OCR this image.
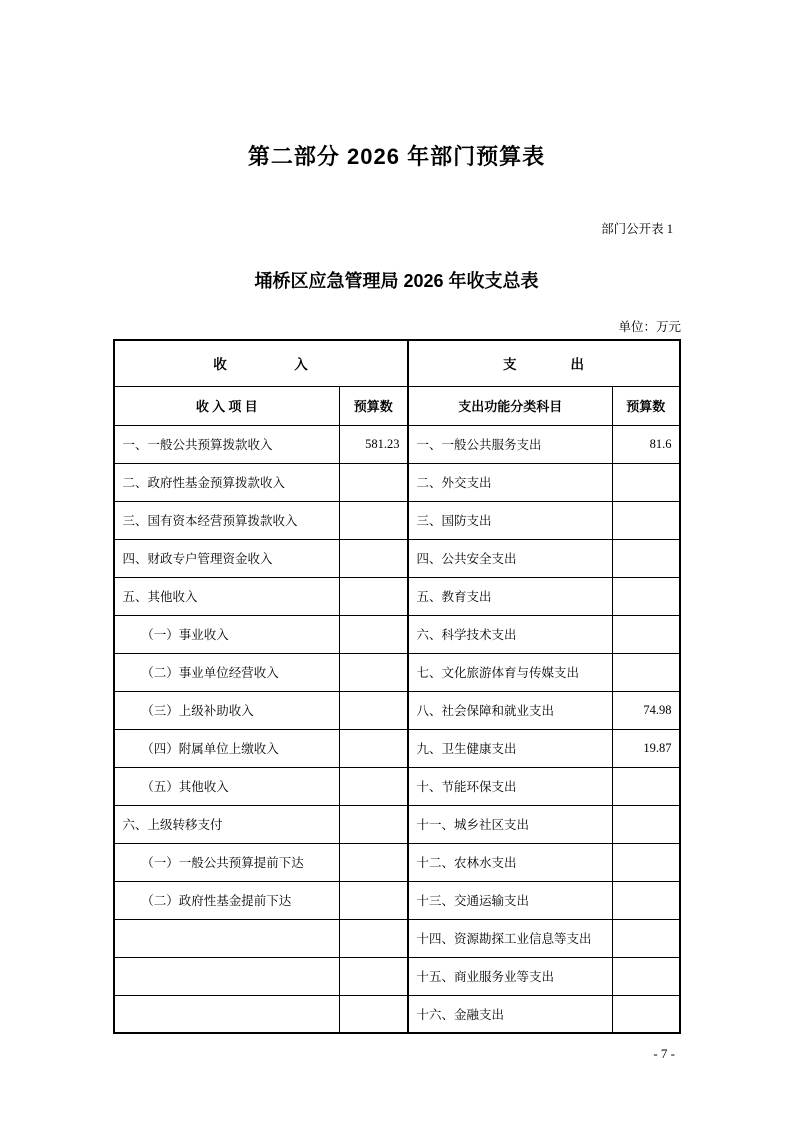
第二部分 2026 年部门预算表
部门公开表 1
埇桥区应急管理局 2026 年收支总表
单位：万元
收　　　　　入		支　　　　出	
收 入 项 目	预算数	支出功能分类科目	预算数
一、一般公共预算拨款收入	581.23	一、一般公共服务支出	81.6
二、政府性基金预算拨款收入		二、外交支出	
三、国有资本经营预算拨款收入		三、国防支出	
四、财政专户管理资金收入		四、公共安全支出	
五、其他收入		五、教育支出	
　　（一）事业收入		六、科学技术支出	
　　（二）事业单位经营收入		七、文化旅游体育与传媒支出	
　　（三）上级补助收入		八、社会保障和就业支出	74.98
　　（四）附属单位上缴收入		九、卫生健康支出	19.87
　　（五）其他收入		十、节能环保支出	
六、上级转移支付		十一、城乡社区支出	
　　（一）一般公共预算提前下达		十二、农林水支出	
　　（二）政府性基金提前下达		十三、交通运输支出	
		十四、资源勘探工业信息等支出	
		十五、商业服务业等支出	
		十六、金融支出	
- 7 -
